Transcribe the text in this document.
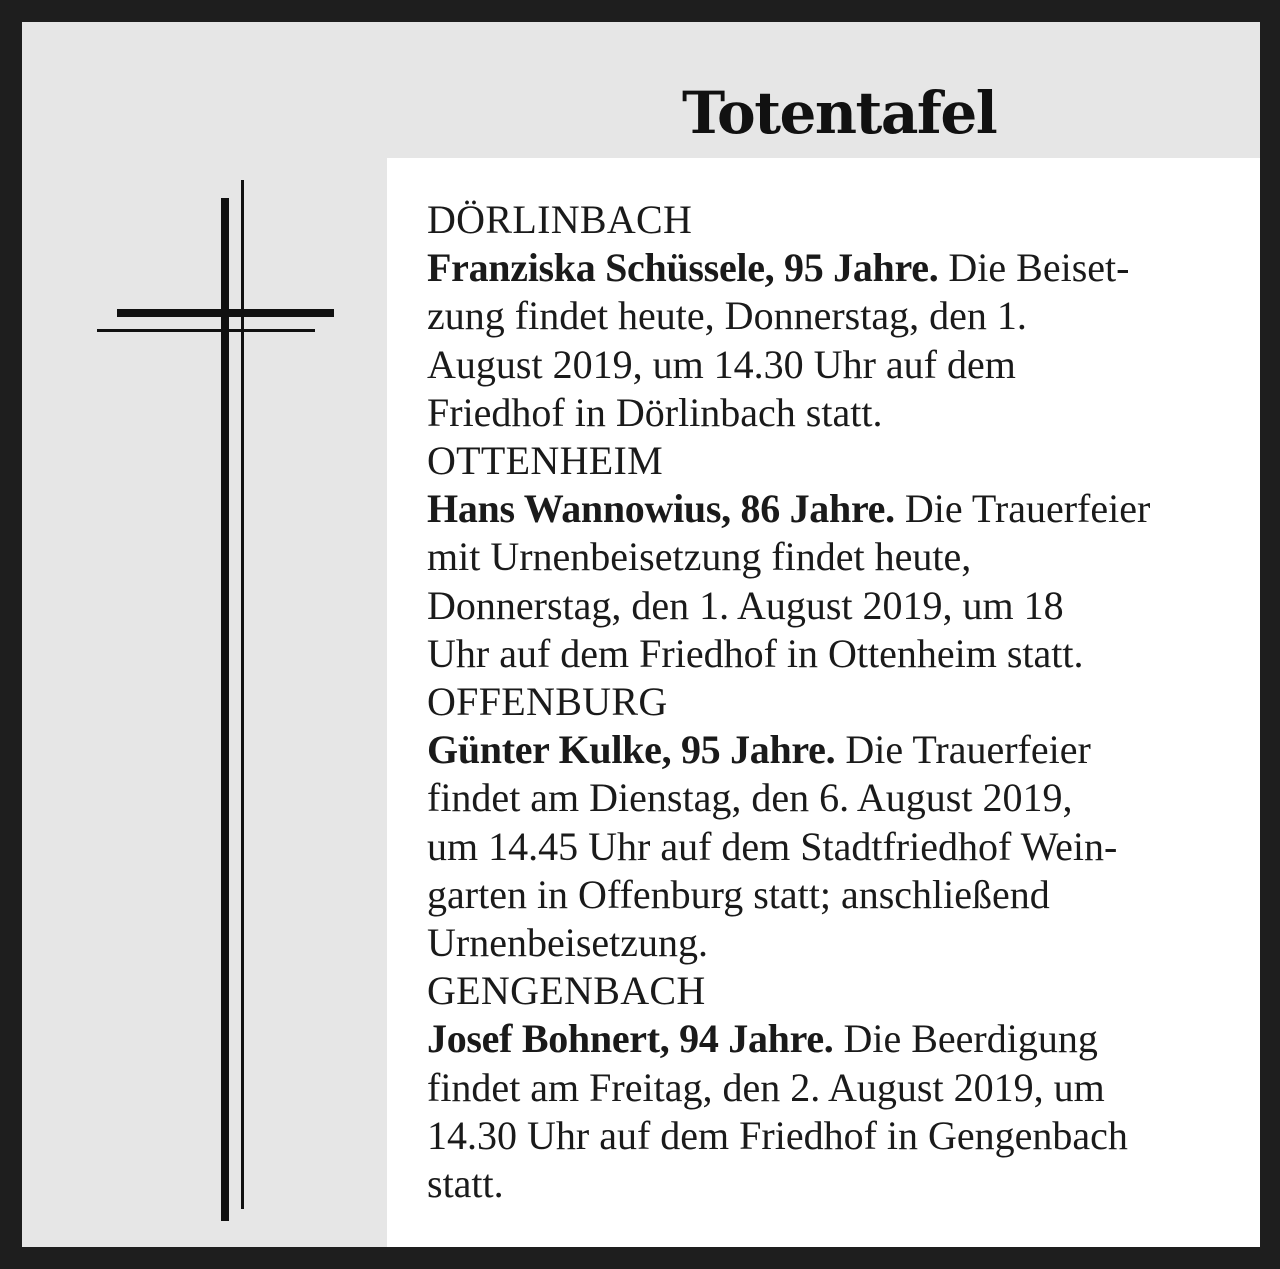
Totentafel

DÖRLINBACH
Franziska Schüssele, 95 Jahre. Die Beiset-
zung findet heute, Donnerstag, den 1.
August 2019, um 14.30 Uhr auf dem
Friedhof in Dörlinbach statt.

OTTENHEIM
Hans Wannowius, 86 Jahre. Die Trauerfeier
mit Urnenbeisetzung findet heute,
Donnerstag, den 1. August 2019, um 18
Uhr auf dem Friedhof in Ottenheim statt.

OFFENBURG
Günter Kulke, 95 Jahre. Die Trauerfeier
findet am Dienstag, den 6. August 2019,
um 14.45 Uhr auf dem Stadtfriedhof Wein-
garten in Offenburg statt; anschließend
Urnenbeisetzung.

GENGENBACH
Josef Bohnert, 94 Jahre. Die Beerdigung
findet am Freitag, den 2. August 2019, um
14.30 Uhr auf dem Friedhof in Gengenbach
statt.
